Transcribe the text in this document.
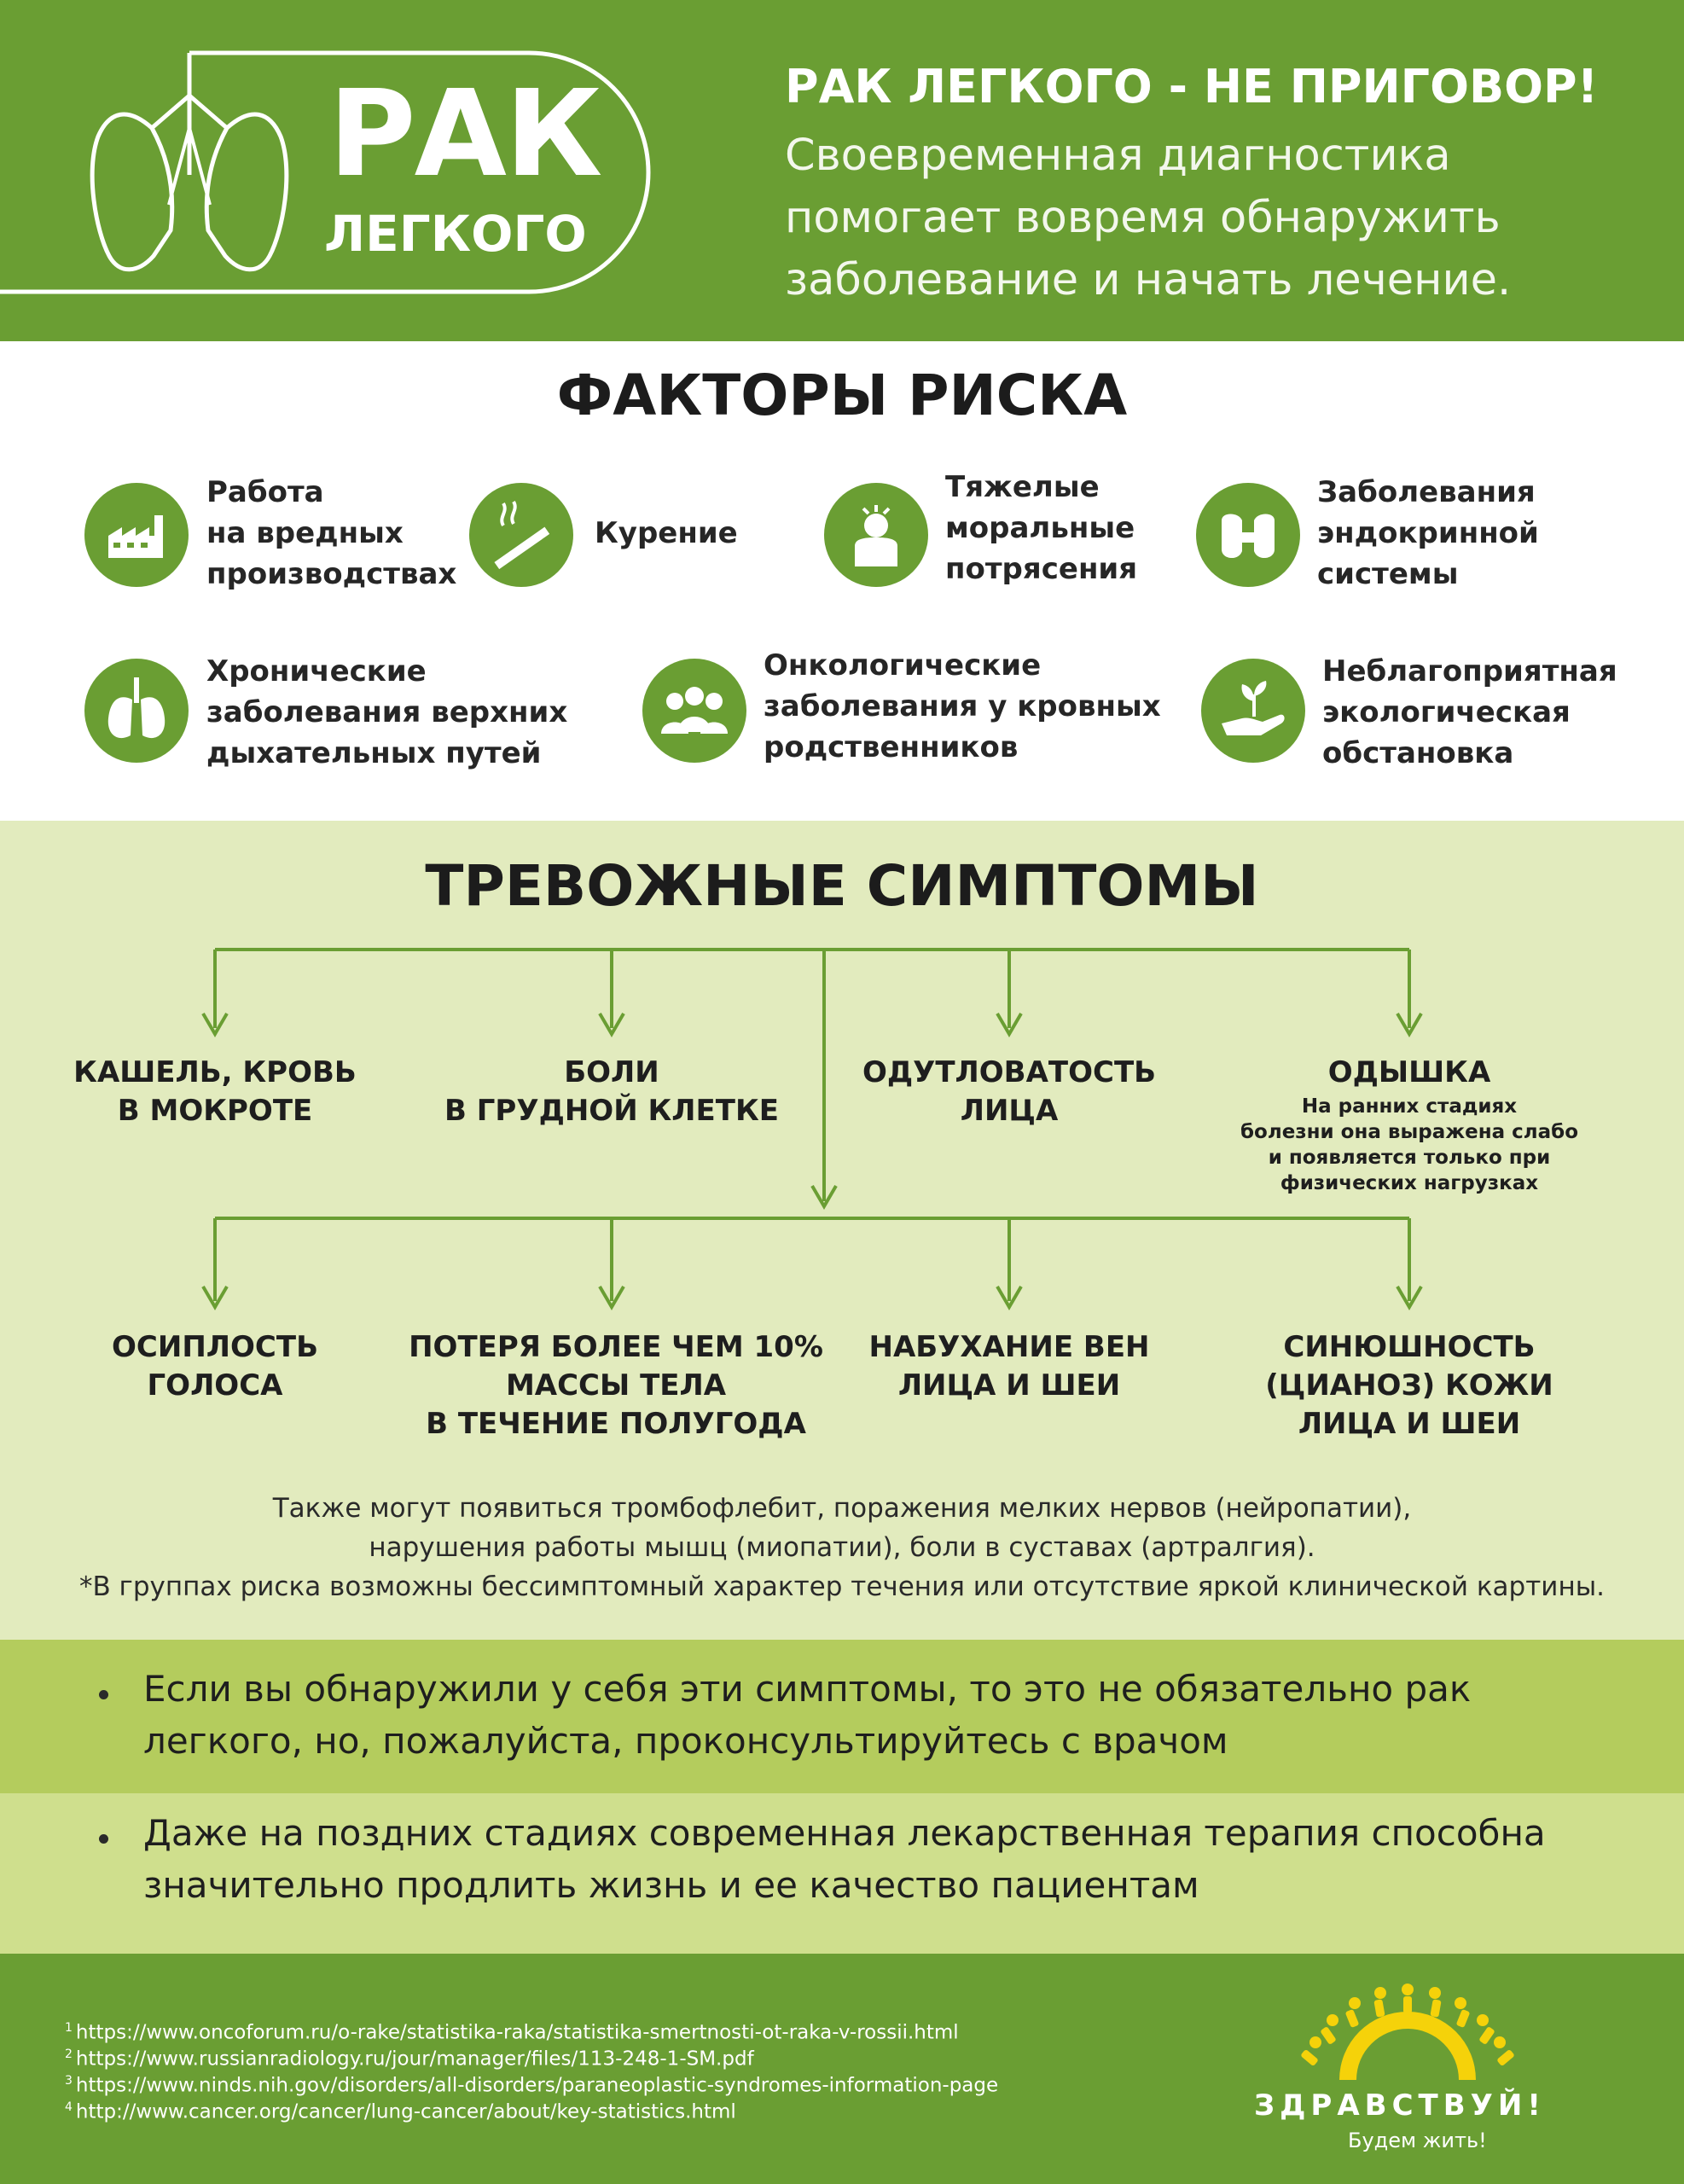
РАК
ЛЕГКОГО
РАК ЛЕГКОГО - НЕ ПРИГОВОР!
Своевременная диагностика помогает вовремя обнаружить заболевание и начать лечение.
ФАКТОРЫ РИСКА
Работа
на вредных
производствах
Курение
Тяжелые
моральные
потрясения
Заболевания
эндокринной
системы
Хронические
заболевания верхних
дыхательных путей
Онкологические
заболевания у кровных
родственников
Неблагоприятная
экологическая
обстановка
ТРЕВОЖНЫЕ СИМПТОМЫ
КАШЕЛЬ, КРОВЬ
В МОКРОТЕ
БОЛИ
В ГРУДНОЙ КЛЕТКЕ
ОДУТЛОВАТОСТЬ
ЛИЦА
ОДЫШКА
На ранних стадиях
болезни она выражена слабо
и появляется только при
физических нагрузках
ОСИПЛОСТЬ
ГОЛОСА
ПОТЕРЯ БОЛЕЕ ЧЕМ 10%
МАССЫ ТЕЛА
В ТЕЧЕНИЕ ПОЛУГОДА
НАБУХАНИЕ ВЕН
ЛИЦА И ШЕИ
СИНЮШНОСТЬ
(ЦИАНОЗ) КОЖИ
ЛИЦА И ШЕИ
Также могут появиться тромбофлебит, поражения мелких нервов (нейропатии),
нарушения работы мышц (миопатии), боли в суставах (артралгия).
*В группах риска возможны бессимптомный характер течения или отсутствие яркой клинической картины.
Если вы обнаружили у себя эти симптомы, то это не обязательно рак легкого, но, пожалуйста, проконсультируйтесь с врачом
Даже на поздних стадиях современная лекарственная терапия способна значительно продлить жизнь и ее качество пациентам
$^1$ https://www.oncoforum.ru/o-rake/statistika-raka/statistika-smertnosti-ot-raka-v-rossii.html
$^2$ https://www.russianradiology.ru/jour/manager/files/113-248-1-SM.pdf
$^3$ https://www.ninds.nih.gov/disorders/all-disorders/paraneoplastic-syndromes-information-page
$^4$ http://www.cancer.org/cancer/lung-cancer/about/key-statistics.html	ЗДРАВСТВУЙ!
Будем жить!
